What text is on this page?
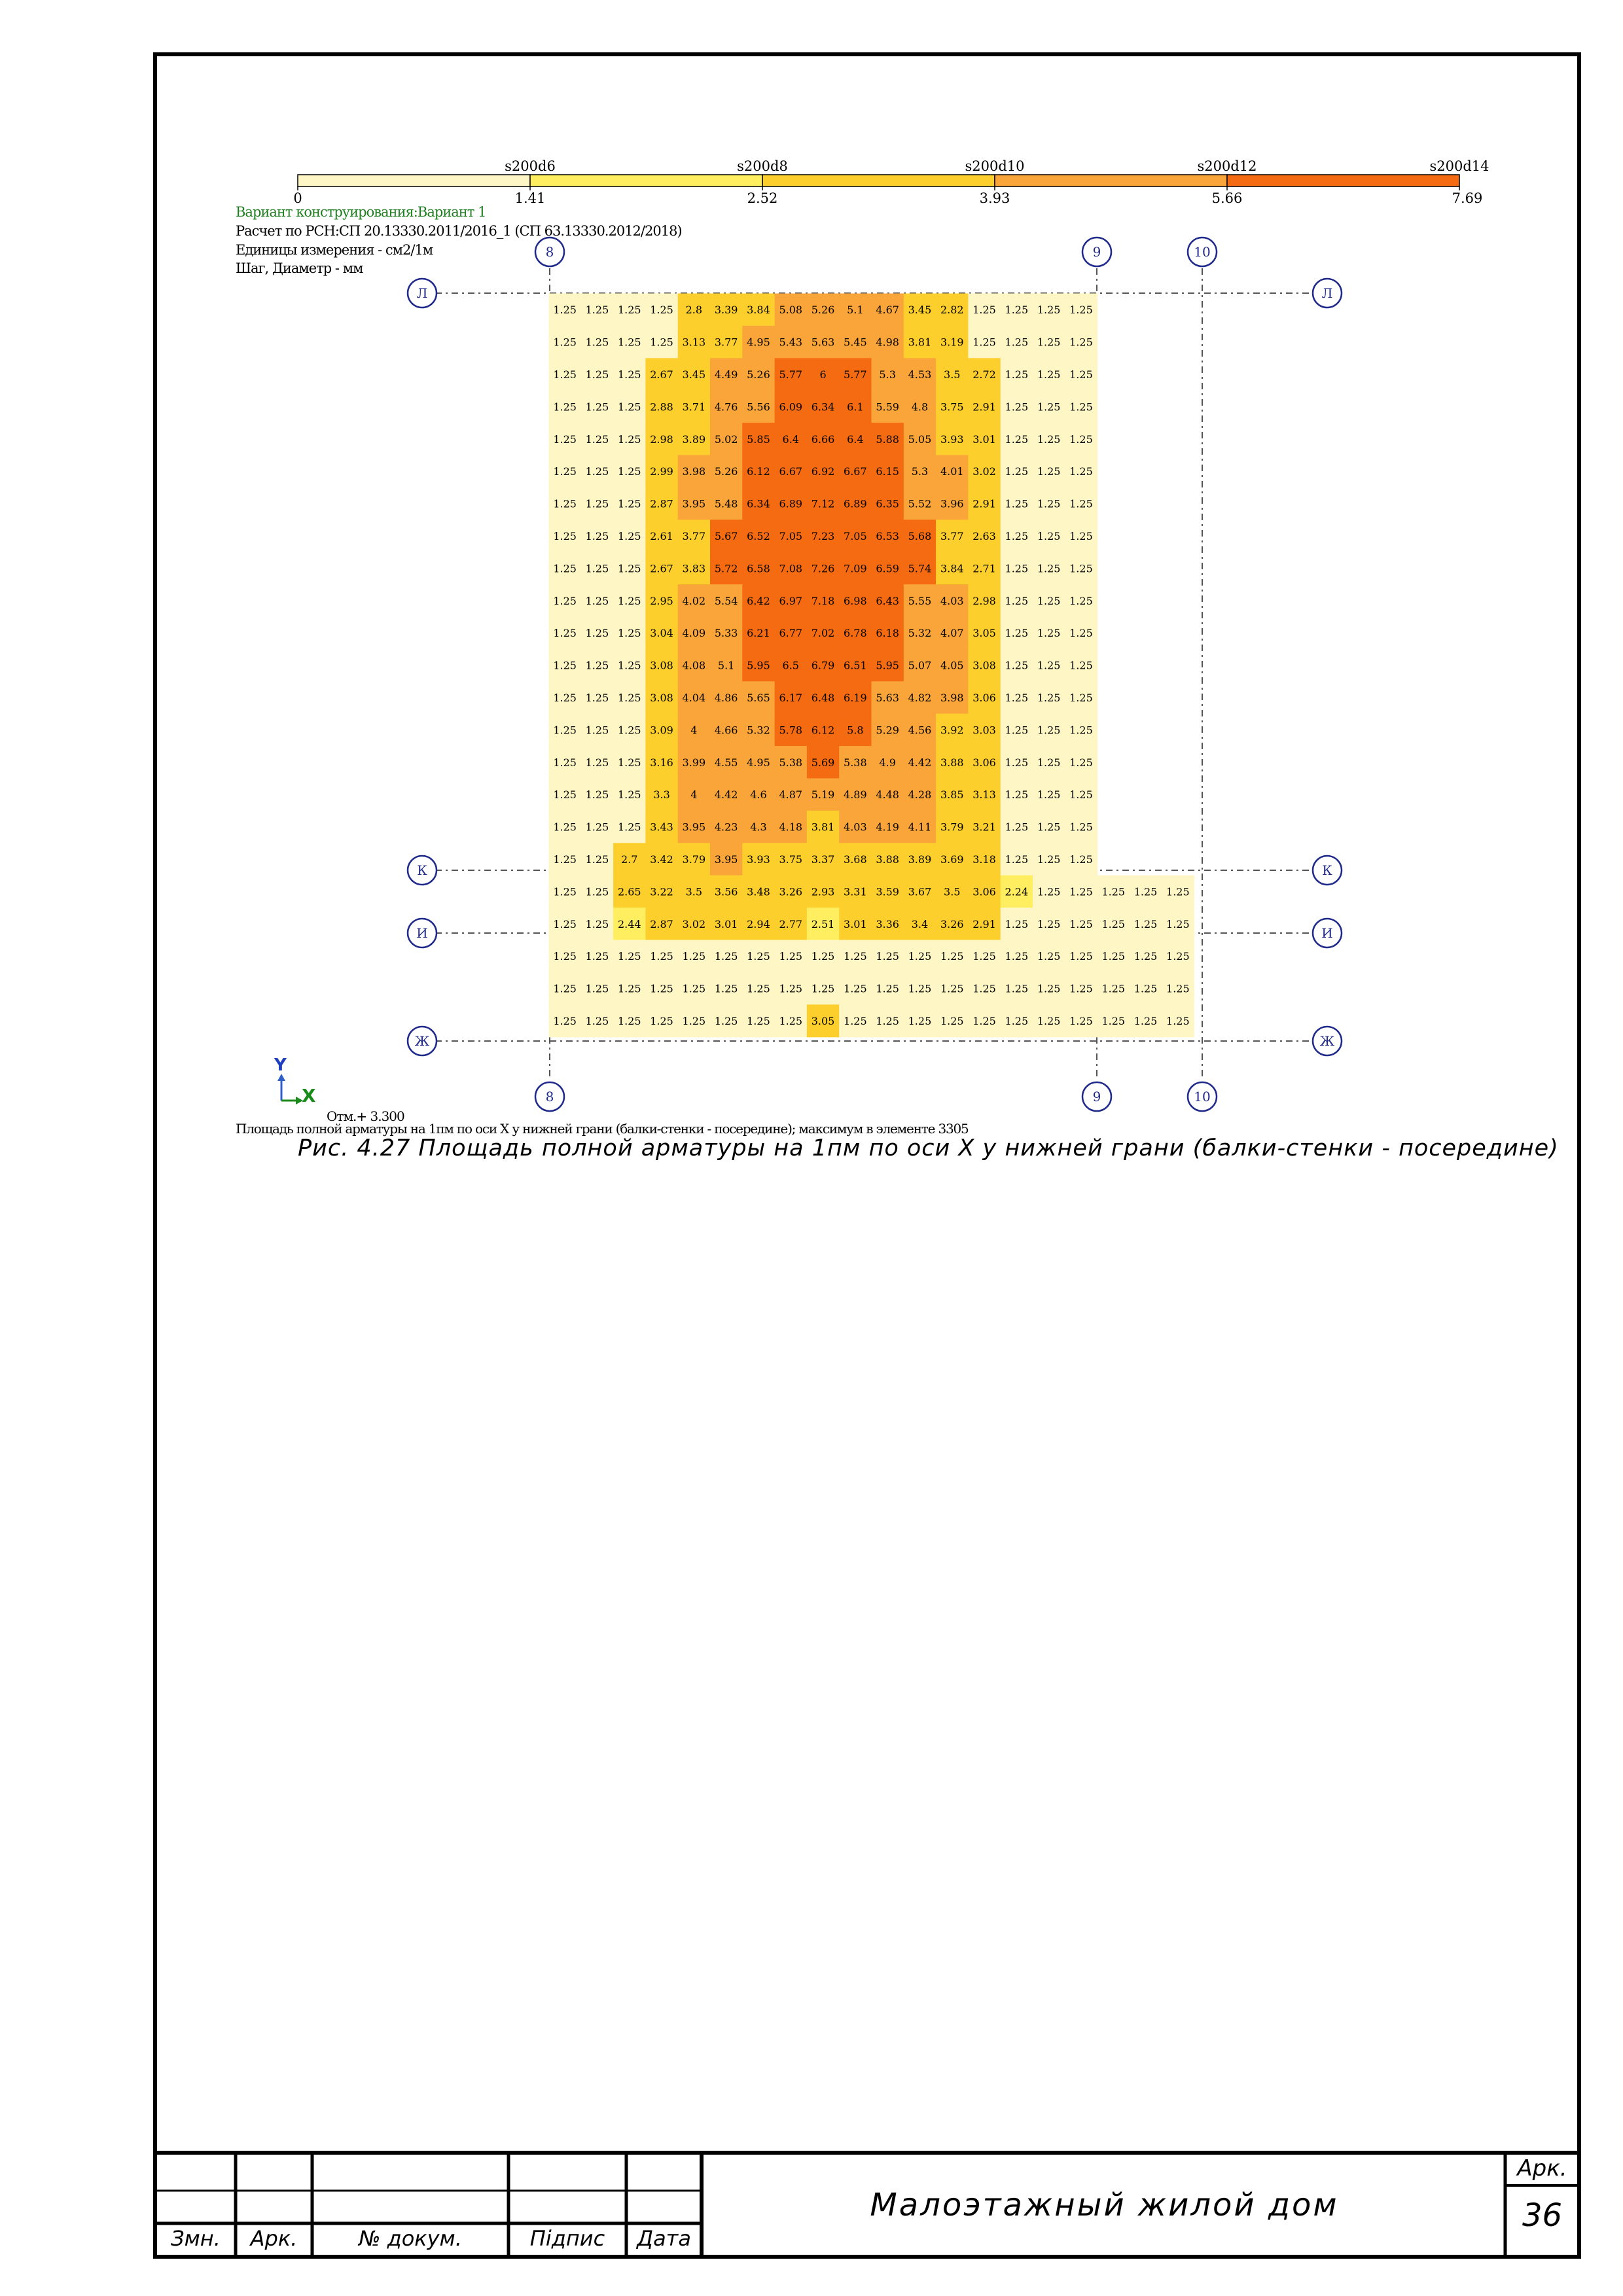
s200d6	s200d8	s200d10	s200d12	s200d14
0	1.41	2.52	3.93	5.66	7.69
8
8
9
9
10
10
Л	Л
К	К
И	И
Ж	Ж
1.25 1.25 1.25 1.25 2.8 3.39 3.84 5.08 5.26 5.1 4.67 3.45 2.82 1.25 1.25 1.25 1.25
1.25 1.25 1.25 1.25 3.13 3.77 4.95 5.43 5.63 5.45 4.98 3.81 3.19 1.25 1.25 1.25 1.25
1.25 1.25 1.25 2.67 3.45 4.49 5.26 5.77 6 5.77 5.3 4.53 3.5 2.72 1.25 1.25 1.25
1.25 1.25 1.25 2.88 3.71 4.76 5.56 6.09 6.34 6.1 5.59 4.8 3.75 2.91 1.25 1.25 1.25
1.25 1.25 1.25 2.98 3.89 5.02 5.85 6.4 6.66 6.4 5.88 5.05 3.93 3.01 1.25 1.25 1.25
1.25 1.25 1.25 2.99 3.98 5.26 6.12 6.67 6.92 6.67 6.15 5.3 4.01 3.02 1.25 1.25 1.25
1.25 1.25 1.25 2.87 3.95 5.48 6.34 6.89 7.12 6.89 6.35 5.52 3.96 2.91 1.25 1.25 1.25
1.25 1.25 1.25 2.61 3.77 5.67 6.52 7.05 7.23 7.05 6.53 5.68 3.77 2.63 1.25 1.25 1.25
1.25 1.25 1.25 2.67 3.83 5.72 6.58 7.08 7.26 7.09 6.59 5.74 3.84 2.71 1.25 1.25 1.25
1.25 1.25 1.25 2.95 4.02 5.54 6.42 6.97 7.18 6.98 6.43 5.55 4.03 2.98 1.25 1.25 1.25
1.25 1.25 1.25 3.04 4.09 5.33 6.21 6.77 7.02 6.78 6.18 5.32 4.07 3.05 1.25 1.25 1.25
1.25 1.25 1.25 3.08 4.08 5.1 5.95 6.5 6.79 6.51 5.95 5.07 4.05 3.08 1.25 1.25 1.25
1.25 1.25 1.25 3.08 4.04 4.86 5.65 6.17 6.48 6.19 5.63 4.82 3.98 3.06 1.25 1.25 1.25
1.25 1.25 1.25 3.09 4 4.66 5.32 5.78 6.12 5.8 5.29 4.56 3.92 3.03 1.25 1.25 1.25
1.25 1.25 1.25 3.16 3.99 4.55 4.95 5.38 5.69 5.38 4.9 4.42 3.88 3.06 1.25 1.25 1.25
1.25 1.25 1.25 3.3 4 4.42 4.6 4.87 5.19 4.89 4.48 4.28 3.85 3.13 1.25 1.25 1.25
1.25 1.25 1.25 3.43 3.95 4.23 4.3 4.18 3.81 4.03 4.19 4.11 3.79 3.21 1.25 1.25 1.25
1.25 1.25 2.7 3.42 3.79 3.95 3.93 3.75 3.37 3.68 3.88 3.89 3.69 3.18 1.25 1.25 1.25
1.25 1.25 2.65 3.22 3.5 3.56 3.48 3.26 2.93 3.31 3.59 3.67 3.5 3.06 2.24 1.25 1.25 1.25 1.25 1.25
1.25 1.25 2.44 2.87 3.02 3.01 2.94 2.77 2.51 3.01 3.36 3.4 3.26 2.91 1.25 1.25 1.25 1.25 1.25 1.25
1.25 1.25 1.25 1.25 1.25 1.25 1.25 1.25 1.25 1.25 1.25 1.25 1.25 1.25 1.25 1.25 1.25 1.25 1.25 1.25
1.25 1.25 1.25 1.25 1.25 1.25 1.25 1.25 1.25 1.25 1.25 1.25 1.25 1.25 1.25 1.25 1.25 1.25 1.25 1.25
1.25 1.25 1.25 1.25 1.25 1.25 1.25 1.25 3.05 1.25 1.25 1.25 1.25 1.25 1.25 1.25 1.25 1.25 1.25 1.25
Y
X
Отм.+ 3.300
Площадь полной арматуры на 1пм по оси X у нижней грани (балки-стенки - посередине); максимум в элементе 3305
Вариант конструирования:Вариант 1
Расчет по РСН:СП 20.13330.2011/2016_1 (СП 63.13330.2012/2018)
Единицы измерения - см2/1м
Шаг, Диаметр - мм
Рис. 4.27 Площадь полной арматуры на 1пм по оси X у нижней грани (балки-стенки - посередине)
Змн.	Арк.	№ докум.	Підпис	Дата
Малоэтажный жилой дом
Арк.
36
